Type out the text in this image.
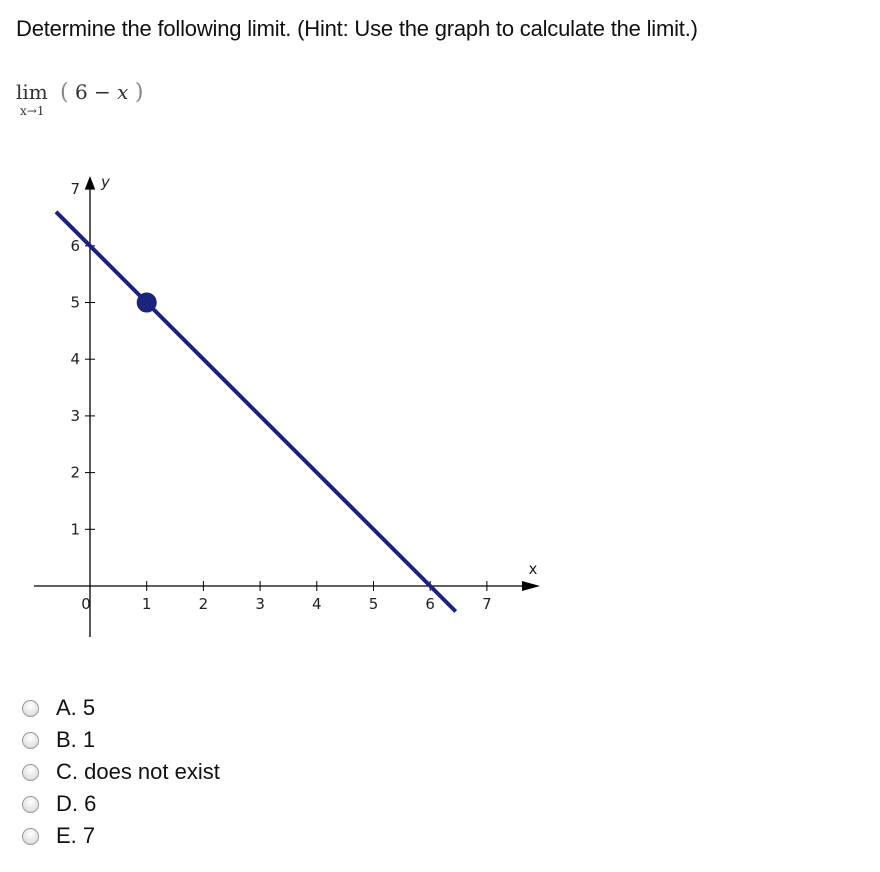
Determine the following limit. (Hint: Use the graph to calculate the limit.)
lim
x→1
( 6 − x )
0	1	2	3	4	5	6	7
1
2
3
4
5
6
7
x
y
A. 5
B. 1
C. does not exist
D. 6
E. 7
